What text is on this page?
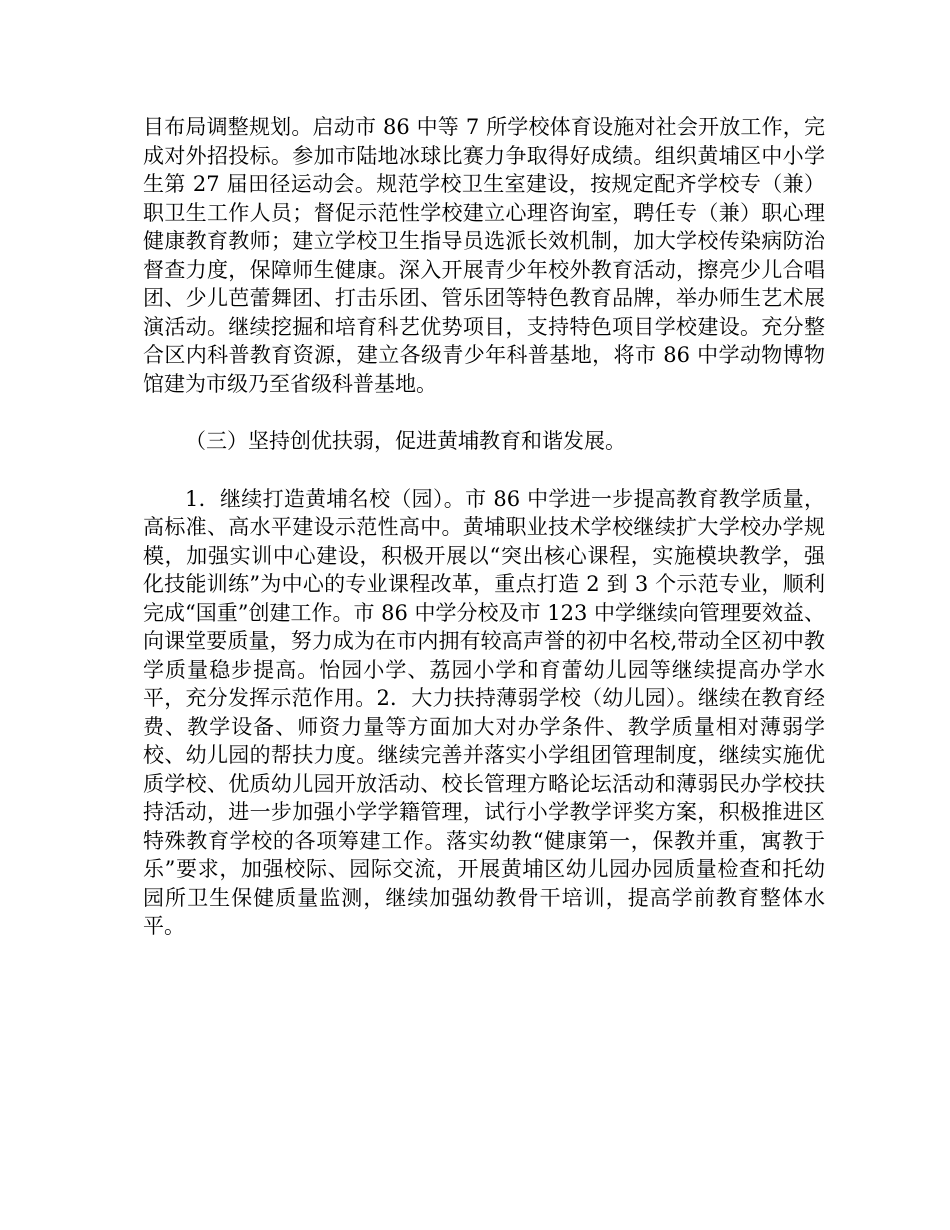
目布局调整规划。启动市 86 中等 7 所学校体育设施对社会开放工作，完成对外招投标。参加市陆地冰球比赛力争取得好成绩。组织黄埔区中小学生第 27 届田径运动会。规范学校卫生室建设，按规定配齐学校专（兼）职卫生工作人员；督促示范性学校建立心理咨询室，聘任专（兼）职心理健康教育教师；建立学校卫生指导员选派长效机制，加大学校传染病防治督查力度，保障师生健康。深入开展青少年校外教育活动，擦亮少儿合唱团、少儿芭蕾舞团、打击乐团、管乐团等特色教育品牌，举办师生艺术展演活动。继续挖掘和培育科艺优势项目，支持特色项目学校建设。充分整合区内科普教育资源，建立各级青少年科普基地，将市 86 中学动物博物馆建为市级乃至省级科普基地。

（三）坚持创优扶弱，促进黄埔教育和谐发展。

1．继续打造黄埔名校（园）。市 86 中学进一步提高教育教学质量，高标准、高水平建设示范性高中。黄埔职业技术学校继续扩大学校办学规模，加强实训中心建设，积极开展以“突出核心课程，实施模块教学，强化技能训练”为中心的专业课程改革，重点打造 2 到 3 个示范专业，顺利完成“国重”创建工作。市 86 中学分校及市 123 中学继续向管理要效益、向课堂要质量，努力成为在市内拥有较高声誉的初中名校,带动全区初中教学质量稳步提高。怡园小学、荔园小学和育蕾幼儿园等继续提高办学水平，充分发挥示范作用。2．大力扶持薄弱学校（幼儿园）。继续在教育经费、教学设备、师资力量等方面加大对办学条件、教学质量相对薄弱学校、幼儿园的帮扶力度。继续完善并落实小学组团管理制度，继续实施优质学校、优质幼儿园开放活动、校长管理方略论坛活动和薄弱民办学校扶持活动，进一步加强小学学籍管理，试行小学教学评奖方案，积极推进区特殊教育学校的各项筹建工作。落实幼教“健康第一，保教并重，寓教于乐”要求，加强校际、园际交流，开展黄埔区幼儿园办园质量检查和托幼园所卫生保健质量监测，继续加强幼教骨干培训，提高学前教育整体水平。
